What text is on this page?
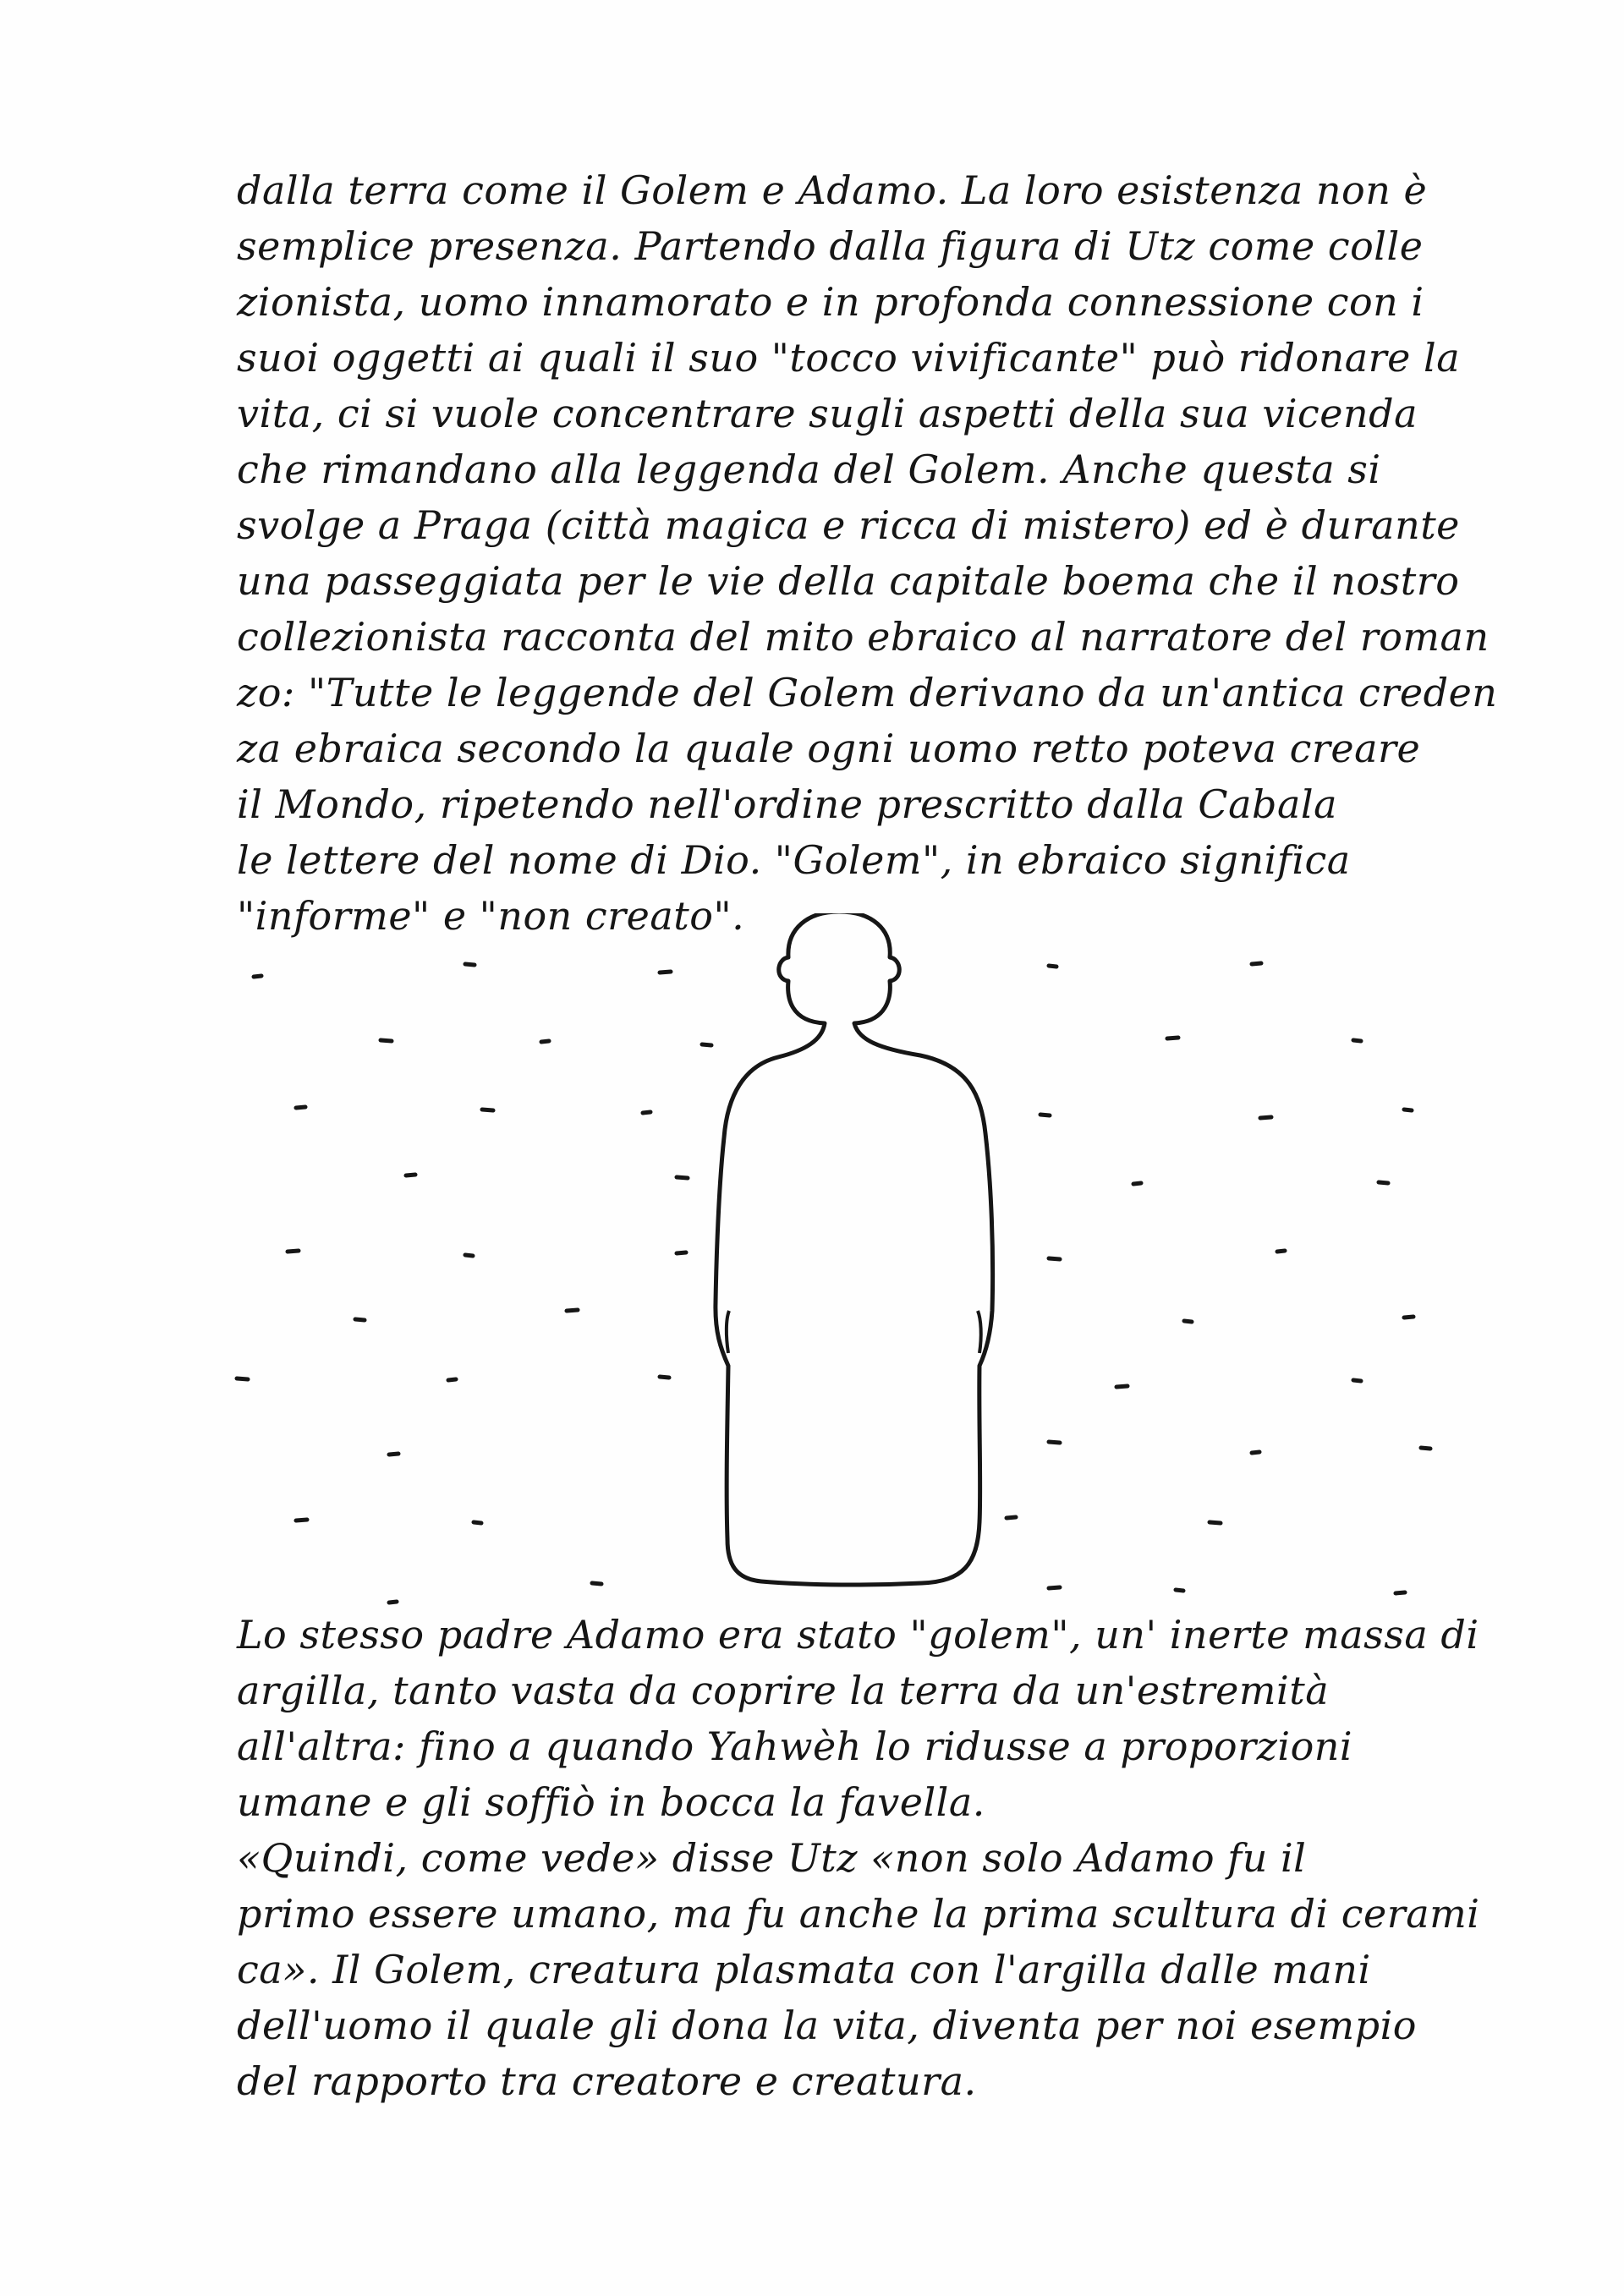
dalla terra come il Golem e Adamo. La loro esistenza non è
semplice presenza. Partendo dalla figura di Utz come colle
zionista, uomo innamorato e in profonda connessione con i
suoi oggetti ai quali il suo "tocco vivificante" può ridonare la
vita, ci si vuole concentrare sugli aspetti della sua vicenda
che rimandano alla leggenda del Golem. Anche questa si
svolge a Praga (città magica e ricca di mistero) ed è durante
una passeggiata per le vie della capitale boema che il nostro
collezionista racconta del mito ebraico al narratore del roman
zo: "Tutte le leggende del Golem derivano da un'antica creden
za ebraica secondo la quale ogni uomo retto poteva creare
il Mondo, ripetendo nell'ordine prescritto dalla Cabala
le lettere del nome di Dio. "Golem", in ebraico significa
"informe" e "non creato".
Lo stesso padre Adamo era stato "golem", un' inerte massa di
argilla, tanto vasta da coprire la terra da un'estremità
all'altra: fino a quando Yahwèh lo ridusse a proporzioni
umane e gli soffiò in bocca la favella.
«Quindi, come vede» disse Utz «non solo Adamo fu il
primo essere umano, ma fu anche la prima scultura di cerami
ca». Il Golem, creatura plasmata con l'argilla dalle mani
dell'uomo il quale gli dona la vita, diventa per noi esempio
del rapporto tra creatore e creatura.
